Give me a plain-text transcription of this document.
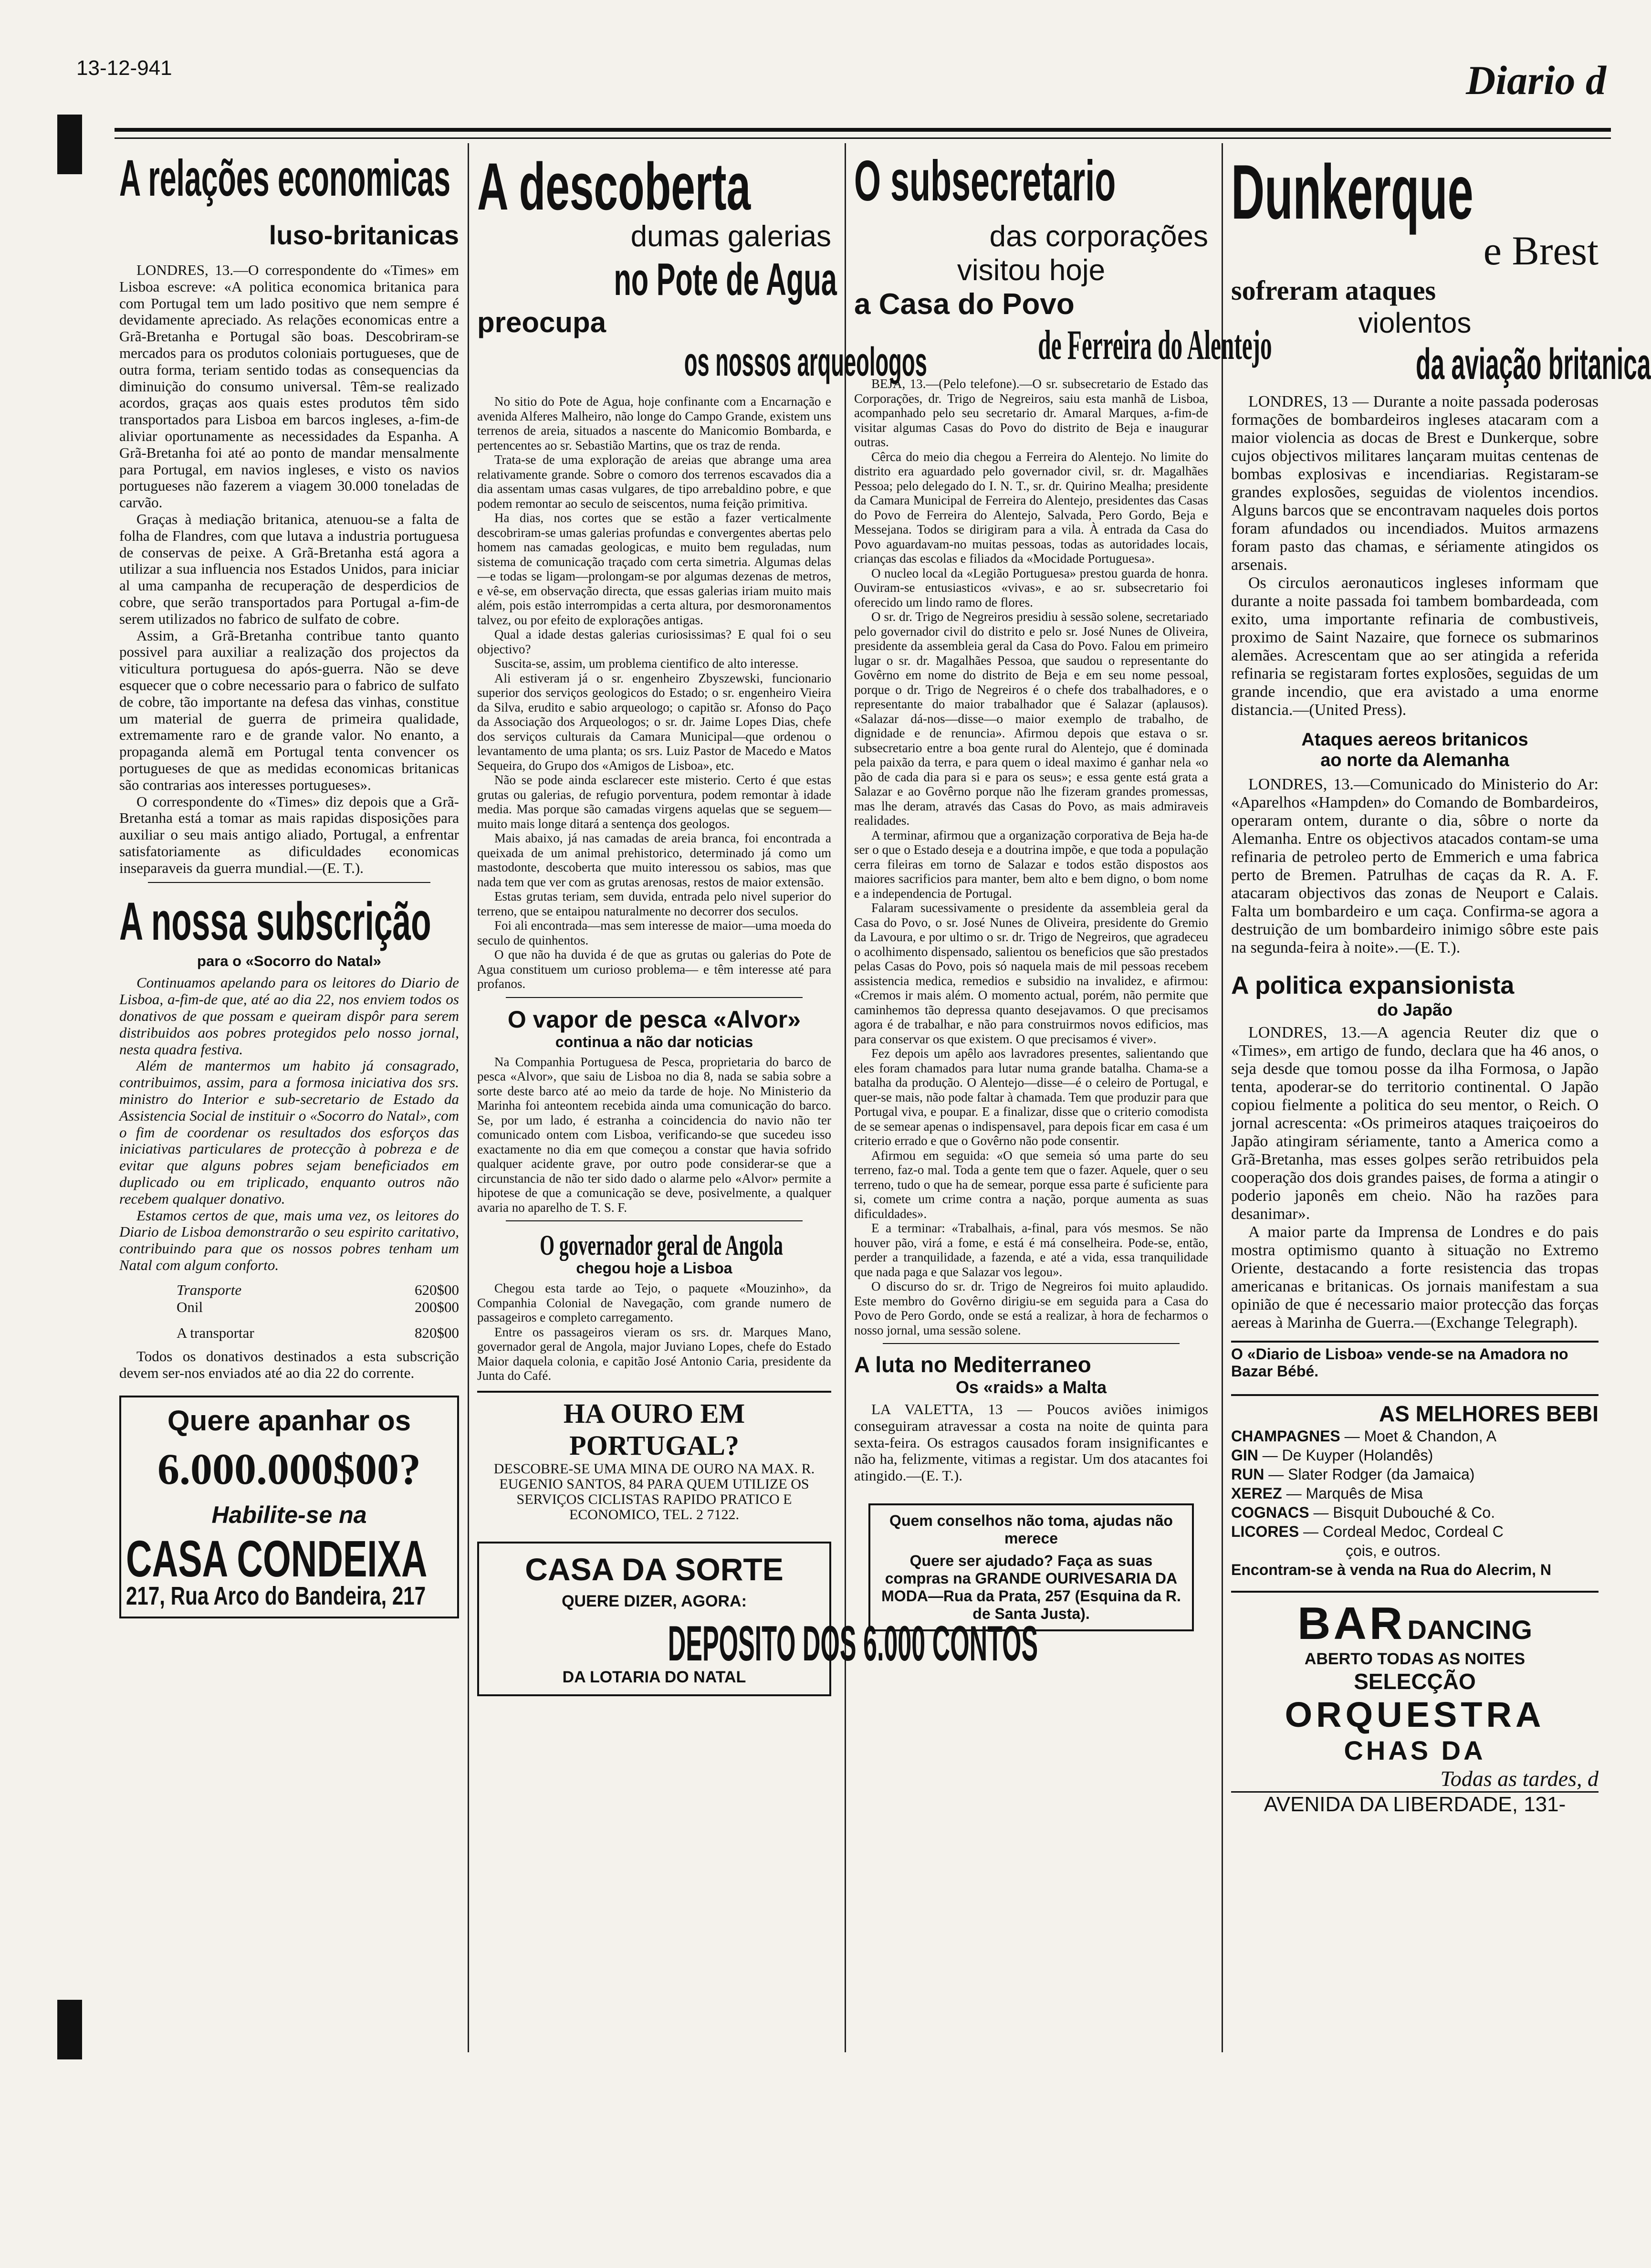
13-12-941	Diario d
A relações economicas
luso-britanicas

LONDRES, 13.—O correspondente do «Times» em Lisboa escreve: «A politica economica britanica para com Portugal tem um lado positivo que nem sempre é devidamente apreciado. As relações economicas entre a Grã-Bretanha e Portugal são boas. Descobriram-se mercados para os produtos coloniais portugueses, que de outra forma, teriam sentido todas as consequencias da diminuição do consumo universal. Têm-se realizado acordos, graças aos quais estes produtos têm sido transportados para Lisboa em barcos ingleses, a-fim-de aliviar oportunamente as necessidades da Espanha. A Grã-Bretanha foi até ao ponto de mandar mensalmente para Portugal, em navios ingleses, e visto os navios portugueses não fazerem a viagem 30.000 toneladas de carvão.

Graças à mediação britanica, atenuou-se a falta de folha de Flandres, com que lutava a industria portuguesa de conservas de peixe. A Grã-Bretanha está agora a utilizar a sua influencia nos Estados Unidos, para iniciar al uma campanha de recuperação de desperdicios de cobre, que serão transportados para Portugal a-fim-de serem utilizados no fabrico de sulfato de cobre.

Assim, a Grã-Bretanha contribue tanto quanto possivel para auxiliar a realização dos projectos da viticultura portuguesa do após-guerra. Não se deve esquecer que o cobre necessario para o fabrico de sulfato de cobre, tão importante na defesa das vinhas, constitue um material de guerra de primeira qualidade, extremamente raro e de grande valor. No enanto, a propaganda alemã em Portugal tenta convencer os portugueses de que as medidas economicas britanicas são contrarias aos interesses portugueses».

O correspondente do «Times» diz depois que a Grã-Bretanha está a tomar as mais rapidas disposições para auxiliar o seu mais antigo aliado, Portugal, a enfrentar satisfatoriamente as dificuldades economicas inseparaveis da guerra mundial.—(E. T.).

A nossa subscrição
para o «Socorro do Natal»

Continuamos apelando para os leitores do Diario de Lisboa, a-fim-de que, até ao dia 22, nos enviem todos os donativos de que possam e queiram dispôr para serem distribuidos aos pobres protegidos pelo nosso jornal, nesta quadra festiva.

Além de mantermos um habito já consagrado, contribuimos, assim, para a formosa iniciativa dos srs. ministro do Interior e sub-secretario de Estado da Assistencia Social de instituir o «Socorro do Natal», com o fim de coordenar os resultados dos esforços das iniciativas particulares de protecção à pobreza e de evitar que alguns pobres sejam beneficiados em duplicado ou em triplicado, enquanto outros não recebem qualquer donativo.

Estamos certos de que, mais uma vez, os leitores do Diario de Lisboa demonstrarão o seu espirito caritativo, contribuindo para que os nossos pobres tenham um Natal com algum conforto.

Transporte	620$00
Onil	200$00
A transportar	820$00

Todos os donativos destinados a esta subscrição devem ser-nos enviados até ao dia 22 do corrente.

Quere apanhar os
6.000.000$00?
Habilite-se na
CASA CONDEIXA
217, Rua Arco do Bandeira, 217
A descoberta
dumas galerias
no Pote de Agua
preocupa
os nossos arqueologos

No sitio do Pote de Agua, hoje confinante com a Encarnação e avenida Alferes Malheiro, não longe do Campo Grande, existem uns terrenos de areia, situados a nascente do Manicomio Bombarda, e pertencentes ao sr. Sebastião Martins, que os traz de renda.

Trata-se de uma exploração de areias que abrange uma area relativamente grande. Sobre o comoro dos terrenos escavados dia a dia assentam umas casas vulgares, de tipo arrebaldino pobre, e que podem remontar ao seculo de seiscentos, numa feição primitiva.

Ha dias, nos cortes que se estão a fazer verticalmente descobriram-se umas galerias profundas e convergentes abertas pelo homem nas camadas geologicas, e muito bem reguladas, num sistema de comunicação traçado com certa simetria. Algumas delas—e todas se ligam—prolongam-se por algumas dezenas de metros, e vê-se, em observação directa, que essas galerias iriam muito mais além, pois estão interrompidas a certa altura, por desmoronamentos talvez, ou por efeito de explorações antigas.

Qual a idade destas galerias curiosissimas? E qual foi o seu objectivo?

Suscita-se, assim, um problema cientifico de alto interesse.

Ali estiveram já o sr. engenheiro Zbyszewski, funcionario superior dos serviços geologicos do Estado; o sr. engenheiro Vieira da Silva, erudito e sabio arqueologo; o capitão sr. Afonso do Paço da Associação dos Arqueologos; o sr. dr. Jaime Lopes Dias, chefe dos serviços culturais da Camara Municipal—que ordenou o levantamento de uma planta; os srs. Luiz Pastor de Macedo e Matos Sequeira, do Grupo dos «Amigos de Lisboa», etc.

Não se pode ainda esclarecer este misterio. Certo é que estas grutas ou galerias, de refugio porventura, podem remontar à idade media. Mas porque são camadas virgens aquelas que se seguem—muito mais longe ditará a sentença dos geologos.

Mais abaixo, já nas camadas de areia branca, foi encontrada a queixada de um animal prehistorico, determinado já como um mastodonte, descoberta que muito interessou os sabios, mas que nada tem que ver com as grutas arenosas, restos de maior extensão.

Estas grutas teriam, sem duvida, entrada pelo nivel superior do terreno, que se entaipou naturalmente no decorrer dos seculos.

Foi ali encontrada—mas sem interesse de maior—uma moeda do seculo de quinhentos.

O que não ha duvida é de que as grutas ou galerias do Pote de Agua constituem um curioso problema— e têm interesse até para profanos.

O vapor de pesca «Alvor»
continua a não dar noticias

Na Companhia Portuguesa de Pesca, proprietaria do barco de pesca «Alvor», que saiu de Lisboa no dia 8, nada se sabia sobre a sorte deste barco até ao meio da tarde de hoje. No Ministerio da Marinha foi anteontem recebida ainda uma comunicação do barco. Se, por um lado, é estranha a coincidencia do navio não ter comunicado ontem com Lisboa, verificando-se que sucedeu isso exactamente no dia em que começou a constar que havia sofrido qualquer acidente grave, por outro pode considerar-se que a circunstancia de não ter sido dado o alarme pelo «Alvor» permite a hipotese de que a comunicação se deve, posivelmente, a qualquer avaria no aparelho de T. S. F.

O governador geral de Angola
chegou hoje a Lisboa

Chegou esta tarde ao Tejo, o paquete «Mouzinho», da Companhia Colonial de Navegação, com grande numero de passageiros e completo carregamento.

Entre os passageiros vieram os srs. dr. Marques Mano, governador geral de Angola, major Juviano Lopes, chefe do Estado Maior daquela colonia, e capitão José Antonio Caria, presidente da Junta do Café.

HA OURO EM PORTUGAL?
DESCOBRE-SE UMA MINA DE OURO NA MAX. R. EUGENIO SANTOS, 84 PARA QUEM UTILIZE OS SERVIÇOS CICLISTAS RAPIDO PRATICO E ECONOMICO, TEL. 2 7122.
CASA DA SORTE
QUERE DIZER, AGORA:
DEPOSITO DOS 6.000 CONTOS
DA LOTARIA DO NATAL
O subsecretario
das corporações
visitou hoje
a Casa do Povo
de Ferreira do Alentejo

BEJA, 13.—(Pelo telefone).—O sr. subsecretario de Estado das Corporações, dr. Trigo de Negreiros, saiu esta manhã de Lisboa, acompanhado pelo seu secretario dr. Amaral Marques, a-fim-de visitar algumas Casas do Povo do distrito de Beja e inaugurar outras.

Cêrca do meio dia chegou a Ferreira do Alentejo. No limite do distrito era aguardado pelo governador civil, sr. dr. Magalhães Pessoa; pelo delegado do I. N. T., sr. dr. Quirino Mealha; presidente da Camara Municipal de Ferreira do Alentejo, presidentes das Casas do Povo de Ferreira do Alentejo, Salvada, Pero Gordo, Beja e Messejana. Todos se dirigiram para a vila. À entrada da Casa do Povo aguardavam-no muitas pessoas, todas as autoridades locais, crianças das escolas e filiados da «Mocidade Portuguesa».

O nucleo local da «Legião Portuguesa» prestou guarda de honra. Ouviram-se entusiasticos «vivas», e ao sr. subsecretario foi oferecido um lindo ramo de flores.

O sr. dr. Trigo de Negreiros presidiu à sessão solene, secretariado pelo governador civil do distrito e pelo sr. José Nunes de Oliveira, presidente da assembleia geral da Casa do Povo. Falou em primeiro lugar o sr. dr. Magalhães Pessoa, que saudou o representante do Govêrno em nome do distrito de Beja e em seu nome pessoal, porque o dr. Trigo de Negreiros é o chefe dos trabalhadores, e o representante do maior trabalhador que é Salazar (aplausos). «Salazar dá-nos—disse—o maior exemplo de trabalho, de dignidade e de renuncia». Afirmou depois que estava o sr. subsecretario entre a boa gente rural do Alentejo, que é dominada pela paixão da terra, e para quem o ideal maximo é ganhar nela «o pão de cada dia para si e para os seus»; e essa gente está grata a Salazar e ao Govêrno porque não lhe fizeram grandes promessas, mas lhe deram, através das Casas do Povo, as mais admiraveis realidades.

A terminar, afirmou que a organização corporativa de Beja ha-de ser o que o Estado deseja e a doutrina impõe, e que toda a população cerra fileiras em torno de Salazar e todos estão dispostos aos maiores sacrificios para manter, bem alto e bem digno, o bom nome e a independencia de Portugal.

Falaram sucessivamente o presidente da assembleia geral da Casa do Povo, o sr. José Nunes de Oliveira, presidente do Gremio da Lavoura, e por ultimo o sr. dr. Trigo de Negreiros, que agradeceu o acolhimento dispensado, salientou os beneficios que são prestados pelas Casas do Povo, pois só naquela mais de mil pessoas recebem assistencia medica, remedios e subsidio na invalidez, e afirmou: «Cremos ir mais além. O momento actual, porém, não permite que caminhemos tão depressa quanto desejavamos. O que precisamos agora é de trabalhar, e não para construirmos novos edificios, mas para conservar os que existem. O que precisamos é viver».

Fez depois um apêlo aos lavradores presentes, salientando que eles foram chamados para lutar numa grande batalha. Chama-se a batalha da produção. O Alentejo—disse—é o celeiro de Portugal, e quer-se mais, não pode faltar à chamada. Tem que produzir para que Portugal viva, e poupar. E a finalizar, disse que o criterio comodista de se semear apenas o indispensavel, para depois ficar em casa é um criterio errado e que o Govêrno não pode consentir.

Afirmou em seguida: «O que semeia só uma parte do seu terreno, faz-o mal. Toda a gente tem que o fazer. Aquele, quer o seu terreno, tudo o que ha de semear, porque essa parte é suficiente para si, comete um crime contra a nação, porque aumenta as suas dificuldades».

E a terminar: «Trabalhais, a-final, para vós mesmos. Se não houver pão, virá a fome, e está é má conselheira. Pode-se, então, perder a tranquilidade, a fazenda, e até a vida, essa tranquilidade que nada paga e que Salazar vos legou».

O discurso do sr. dr. Trigo de Negreiros foi muito aplaudido. Este membro do Govêrno dirigiu-se em seguida para a Casa do Povo de Pero Gordo, onde se está a realizar, à hora de fecharmos o nosso jornal, uma sessão solene.

A luta no Mediterraneo
Os «raids» a Malta

LA VALETTA, 13 — Poucos aviões inimigos conseguiram atravessar a costa na noite de quinta para sexta-feira. Os estragos causados foram insignificantes e não ha, felizmente, vitimas a registar. Um dos atacantes foi atingido.—(E. T.).

Quem conselhos não toma, ajudas não merece
Quere ser ajudado? Faça as suas compras na GRANDE OURIVESARIA DA MODA—Rua da Prata, 257 (Esquina da R. de Santa Justa).
Dunkerque
e Brest
sofreram ataques
violentos
da aviação britanica

LONDRES, 13 — Durante a noite passada poderosas formações de bombardeiros ingleses atacaram com a maior violencia as docas de Brest e Dunkerque, sobre cujos objectivos militares lançaram muitas centenas de bombas explosivas e incendiarias. Registaram-se grandes explosões, seguidas de violentos incendios. Alguns barcos que se encontravam naqueles dois portos foram afundados ou incendiados. Muitos armazens foram pasto das chamas, e sériamente atingidos os arsenais.

Os circulos aeronauticos ingleses informam que durante a noite passada foi tambem bombardeada, com exito, uma importante refinaria de combustiveis, proximo de Saint Nazaire, que fornece os submarinos alemães. Acrescentam que ao ser atingida a referida refinaria se registaram fortes explosões, seguidas de um grande incendio, que era avistado a uma enorme distancia.—(United Press).

Ataques aereos britanicos
ao norte da Alemanha

LONDRES, 13.—Comunicado do Ministerio do Ar: «Aparelhos «Hampden» do Comando de Bombardeiros, operaram ontem, durante o dia, sôbre o norte da Alemanha. Entre os objectivos atacados contam-se uma refinaria de petroleo perto de Emmerich e uma fabrica perto de Bremen. Patrulhas de caças da R. A. F. atacaram objectivos das zonas de Neuport e Calais. Falta um bombardeiro e um caça. Confirma-se agora a destruição de um bombardeiro inimigo sôbre este pais na segunda-feira à noite».—(E. T.).

A politica expansionista
do Japão

LONDRES, 13.—A agencia Reuter diz que o «Times», em artigo de fundo, declara que ha 46 anos, o seja desde que tomou posse da ilha Formosa, o Japão tenta, apoderar-se do territorio continental. O Japão copiou fielmente a politica do seu mentor, o Reich. O jornal acrescenta: «Os primeiros ataques traiçoeiros do Japão atingiram sériamente, tanto a America como a Grã-Bretanha, mas esses golpes serão retribuidos pela cooperação dos dois grandes paises, de forma a atingir o poderio japonês em cheio. Não ha razões para desanimar».

A maior parte da Imprensa de Londres e do pais mostra optimismo quanto à situação no Extremo Oriente, destacando a forte resistencia das tropas americanas e britanicas. Os jornais manifestam a sua opinião de que é necessario maior protecção das forças aereas à Marinha de Guerra.—(Exchange Telegraph).

O «Diario de Lisboa» vende-se na Amadora no Bazar Bébé.
AS MELHORES BEBI
CHAMPAGNES — Moet & Chandon, A
GIN — De Kuyper (Holandês)
RUN — Slater Rodger (da Jamaica)
XEREZ — Marquês de Misa
COGNACS — Bisquit Dubouché & Co.
LICORES — Cordeal Medoc, Cordeal C
çois, e outros.
Encontram-se à venda na Rua do Alecrim, N
BAR DANCING
ABERTO TODAS AS NOITES
SELECÇÃO
ORQUESTRA
CHAS DA
Todas as tardes, d
AVENIDA DA LIBERDADE, 131-
